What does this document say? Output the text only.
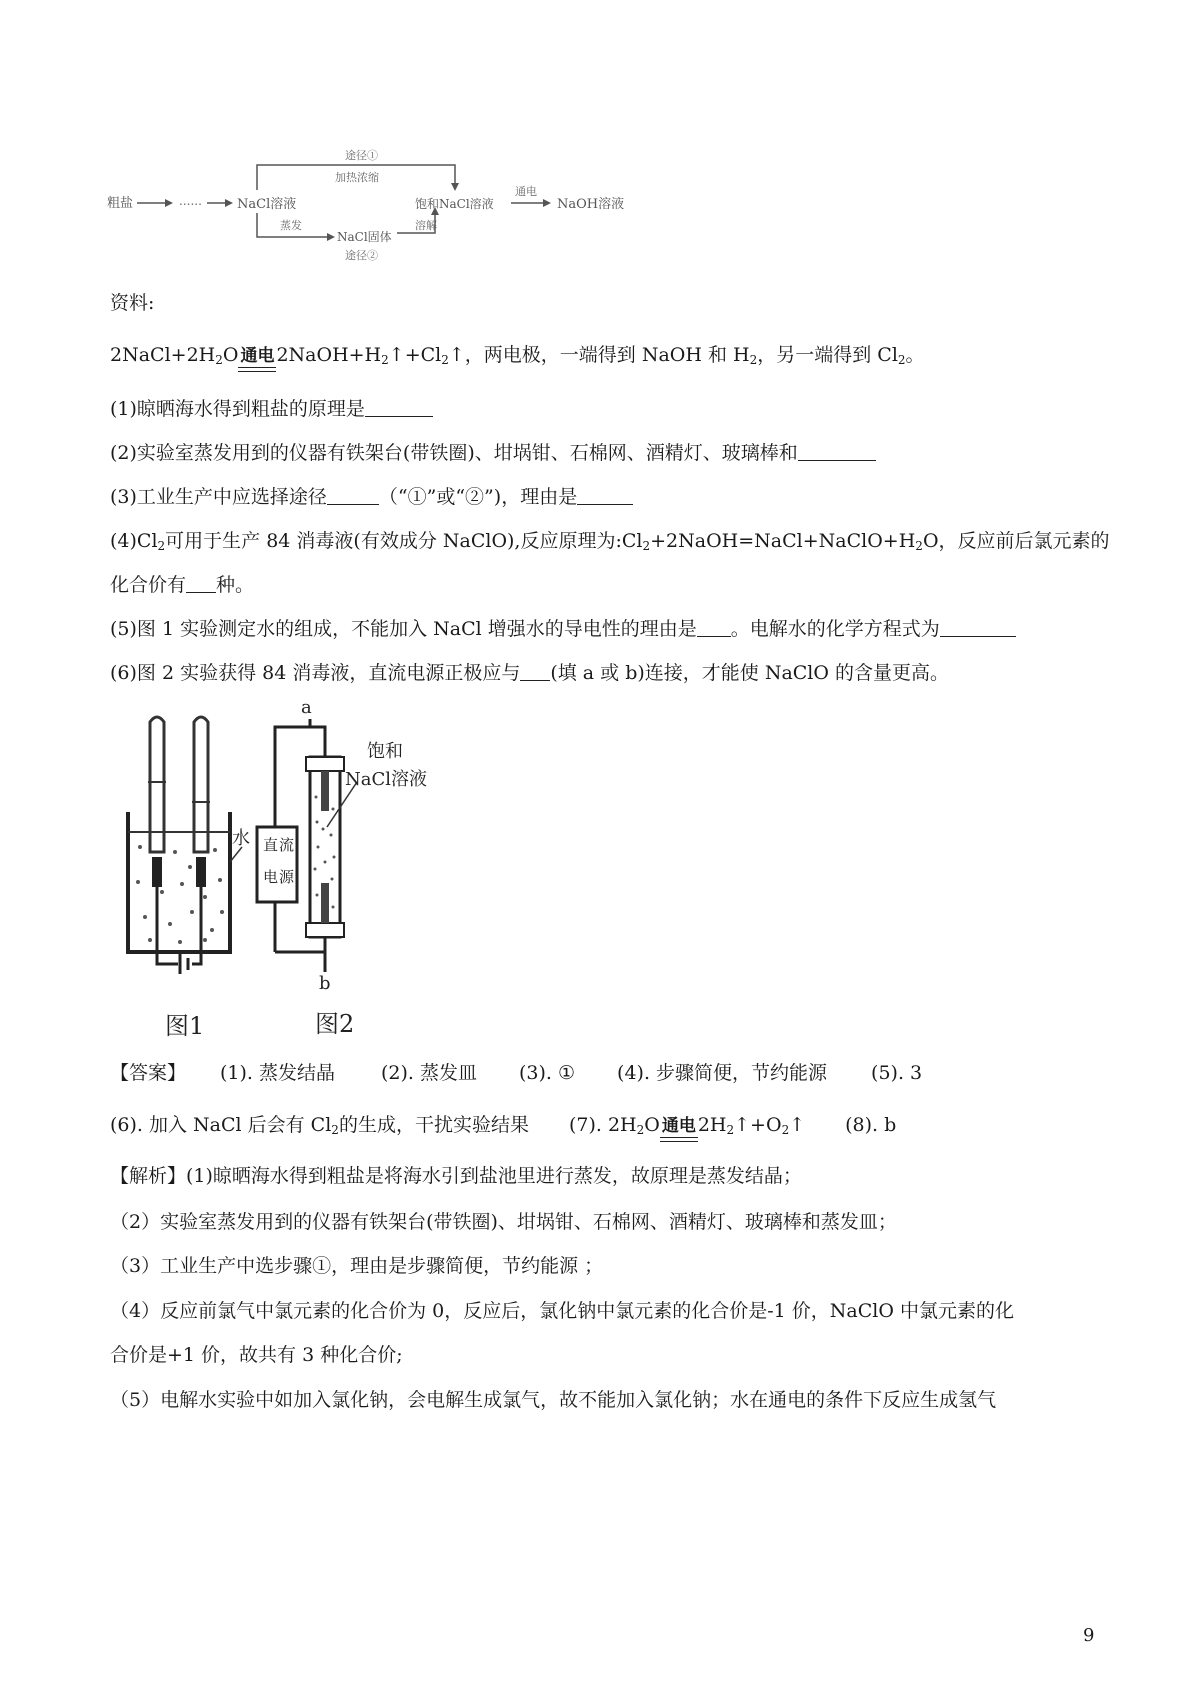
粗盐	......	NaCl溶液
途径①
加热浓缩
蒸发
NaCl固体
途径②
溶解
饱和NaCl溶液
通电
NaOH溶液
资料:
2NaCl+2H2O 通电 2NaOH+H2↑+Cl2↑，两电极，一端得到 NaOH 和 H2，另一端得到 Cl2。
(1)晾晒海水得到粗盐的原理是
(2)实验室蒸发用到的仪器有铁架台(带铁圈)、坩埚钳、石棉网、酒精灯、玻璃棒和
(3)工业生产中应选择途径	（“①”或“②”)，理由是
(4)Cl2可用于生产 84 消毒液(有效成分 NaClO),反应原理为:Cl2+2NaOH=NaCl+NaClO+H2O，反应前后氯元素的
化合价有 种。
(5)图 1 实验测定水的组成，不能加入 NaCl 增强水的导电性的理由是 。电解水的化学方程式为
(6)图 2 实验获得 84 消毒液，直流电源正极应与 (填 a 或 b)连接，才能使 NaClO 的含量更高。
水
图1
a
直 流
电 源
饱和
NaCl溶液
b
图2
【答案】 (1). 蒸发结晶 (2). 蒸发皿 (3). ① (4). 步骤简便，节约能源 (5). 3
(6). 加入 NaCl 后会有 Cl2的生成，干扰实验结果 (7). 2H2O 通电 2H2↑+O2↑ (8). b
【解析】(1)晾晒海水得到粗盐是将海水引到盐池里进行蒸发，故原理是蒸发结晶；
（2）实验室蒸发用到的仪器有铁架台(带铁圈)、坩埚钳、石棉网、酒精灯、玻璃棒和蒸发皿；
（3）工业生产中选步骤①，理由是步骤简便，节约能源 ；
（4）反应前氯气中氯元素的化合价为 0，反应后，氯化钠中氯元素的化合价是-1 价，NaClO 中氯元素的化
合价是+1 价，故共有 3 种化合价;
（5）电解水实验中如加入氯化钠，会电解生成氯气，故不能加入氯化钠；水在通电的条件下反应生成氢气
9
